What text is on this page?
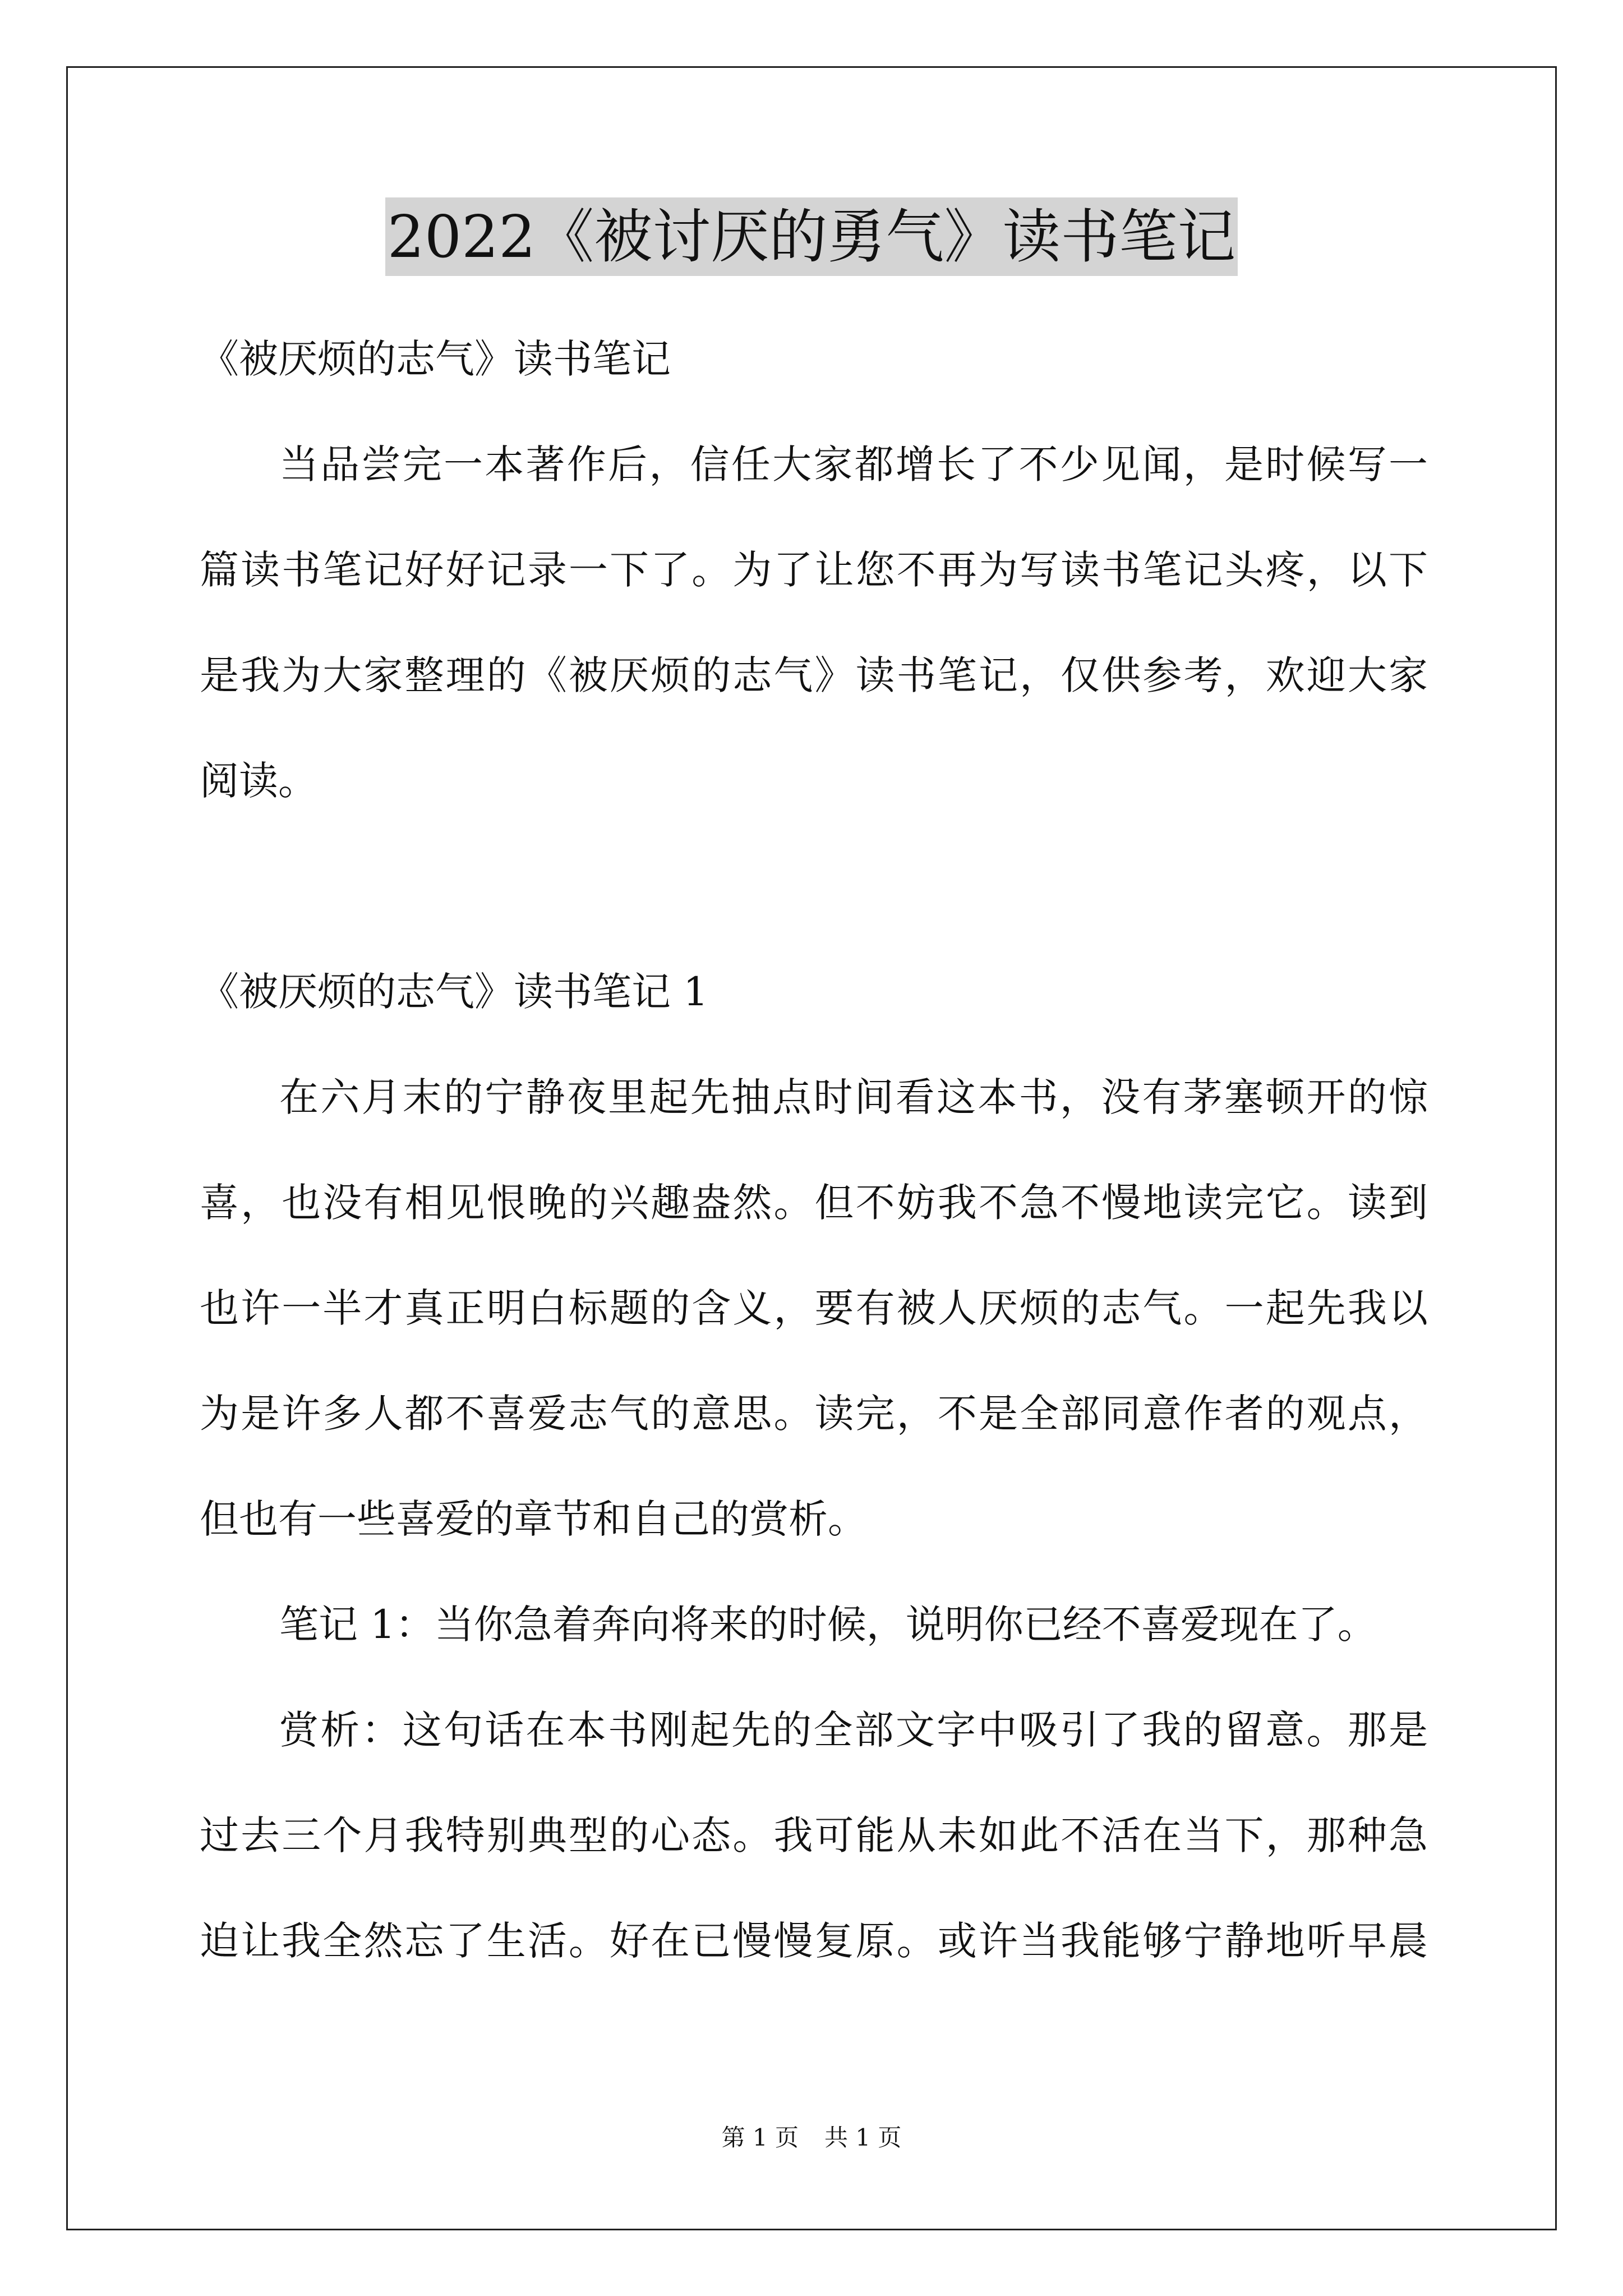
2022《被讨厌的勇气》读书笔记
《被厌烦的志气》读书笔记
当品尝完一本著作后，信任大家都增长了不少见闻，是时候写一
篇读书笔记好好记录一下了。为了让您不再为写读书笔记头疼，以下
是我为大家整理的《被厌烦的志气》读书笔记，仅供参考，欢迎大家
阅读。
《被厌烦的志气》读书笔记 1
在六月末的宁静夜里起先抽点时间看这本书，没有茅塞顿开的惊
喜，也没有相见恨晚的兴趣盎然。但不妨我不急不慢地读完它。读到
也许一半才真正明白标题的含义，要有被人厌烦的志气。一起先我以
为是许多人都不喜爱志气的意思。读完，不是全部同意作者的观点，
但也有一些喜爱的章节和自己的赏析。
笔记 1：当你急着奔向将来的时候，说明你已经不喜爱现在了。
赏析：这句话在本书刚起先的全部文字中吸引了我的留意。那是
过去三个月我特别典型的心态。我可能从未如此不活在当下，那种急
迫让我全然忘了生活。好在已慢慢复原。或许当我能够宁静地听早晨
第 1 页 共 1 页
